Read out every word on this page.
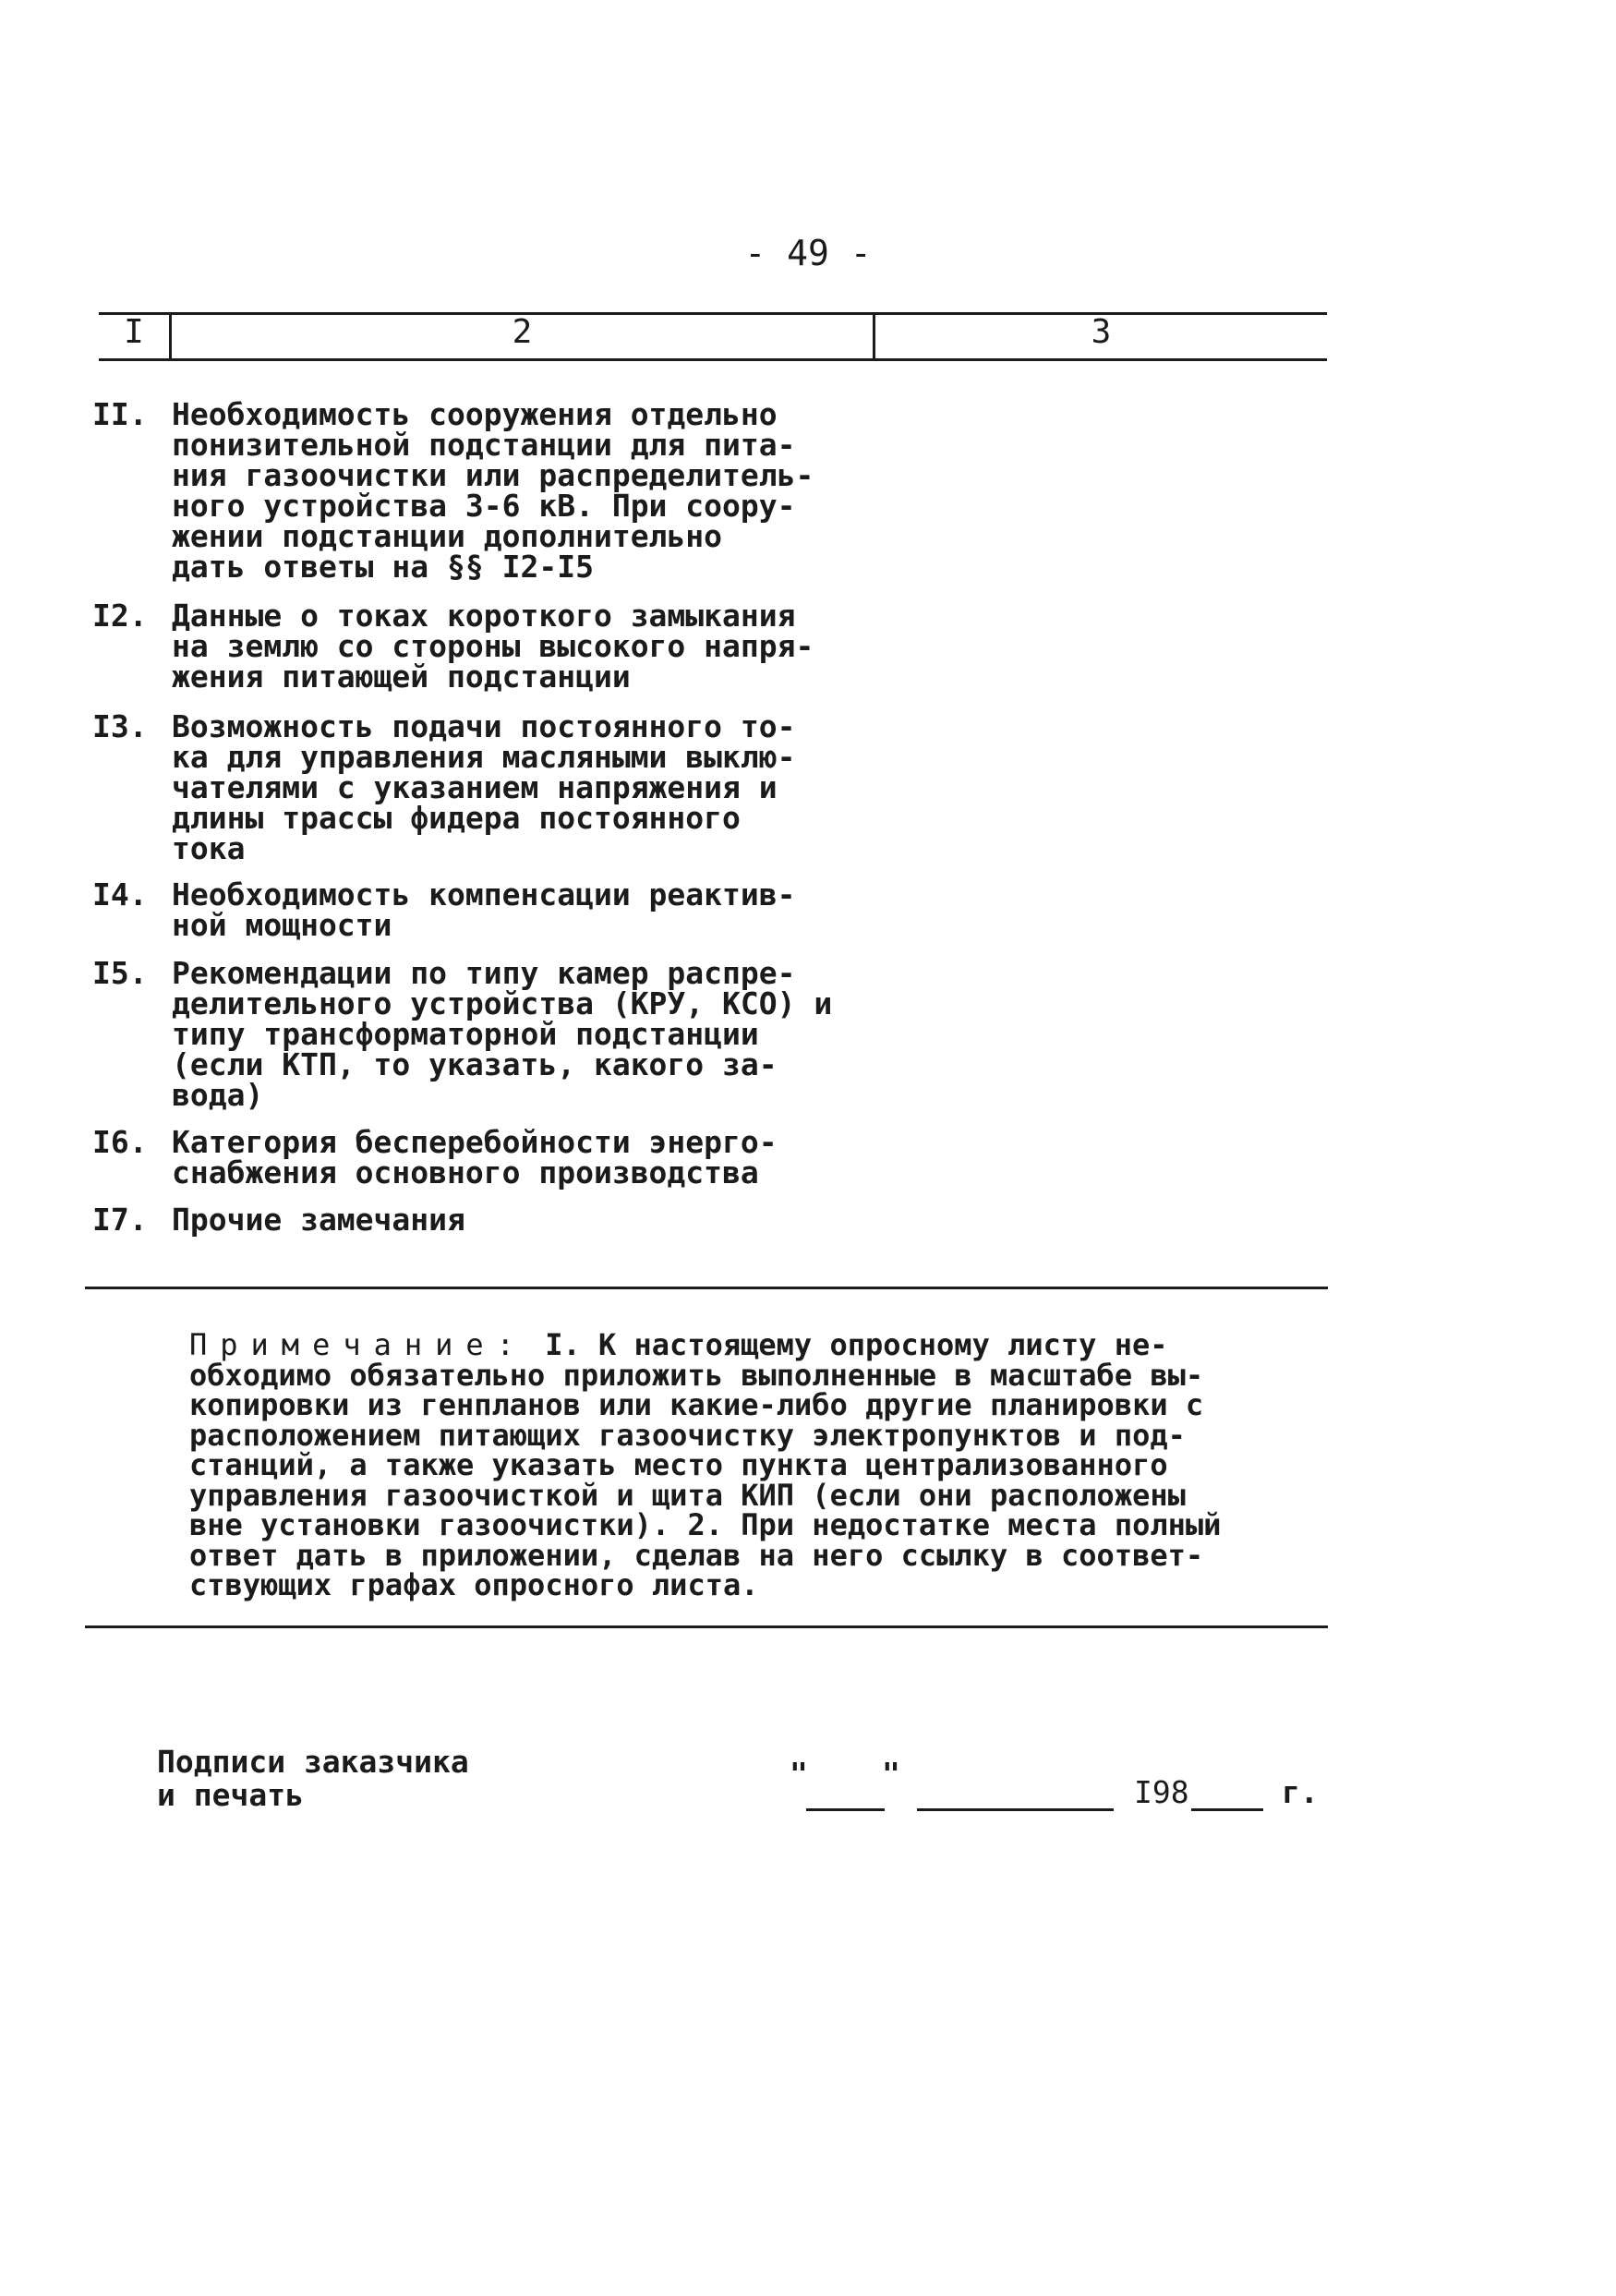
- 49 -
I	2	3
II. Необходимость сооружения отдельно
понизительной подстанции для пита-
ния газоочистки или распределитель-
ного устройства 3-6 кВ. При соору-
жении подстанции дополнительно
дать ответы на §§ I2-I5
I2. Данные о токах короткого замыкания
на землю со стороны высокого напря-
жения питающей подстанции
I3. Возможность подачи постоянного то-
ка для управления масляными выклю-
чателями с указанием напряжения и
длины трассы фидера постоянного
тока
I4. Необходимость компенсации реактив-
ной мощности
I5. Рекомендации по типу камер распре-
делительного устройства (КРУ, КСО) и
типу трансформаторной подстанции
(если КТП, то указать, какого за-
вода)
I6. Категория бесперебойности энерго-
снабжения основного производства
I7. Прочие замечания
Примечание: I. К настоящему опросному листу не-
обходимо обязательно приложить выполненные в масштабе вы-
копировки из генпланов или какие-либо другие планировки с
расположением питающих газоочистку электропунктов и под-
станций, а также указать место пункта централизованного
управления газоочисткой и щита КИП (если они расположены
вне установки газоочистки). 2. При недостатке места полный
ответ дать в приложении, сделав на него ссылку в соответ-
ствующих графах опросного листа.
Подписи заказчика
и печать
" "
I98	г.
